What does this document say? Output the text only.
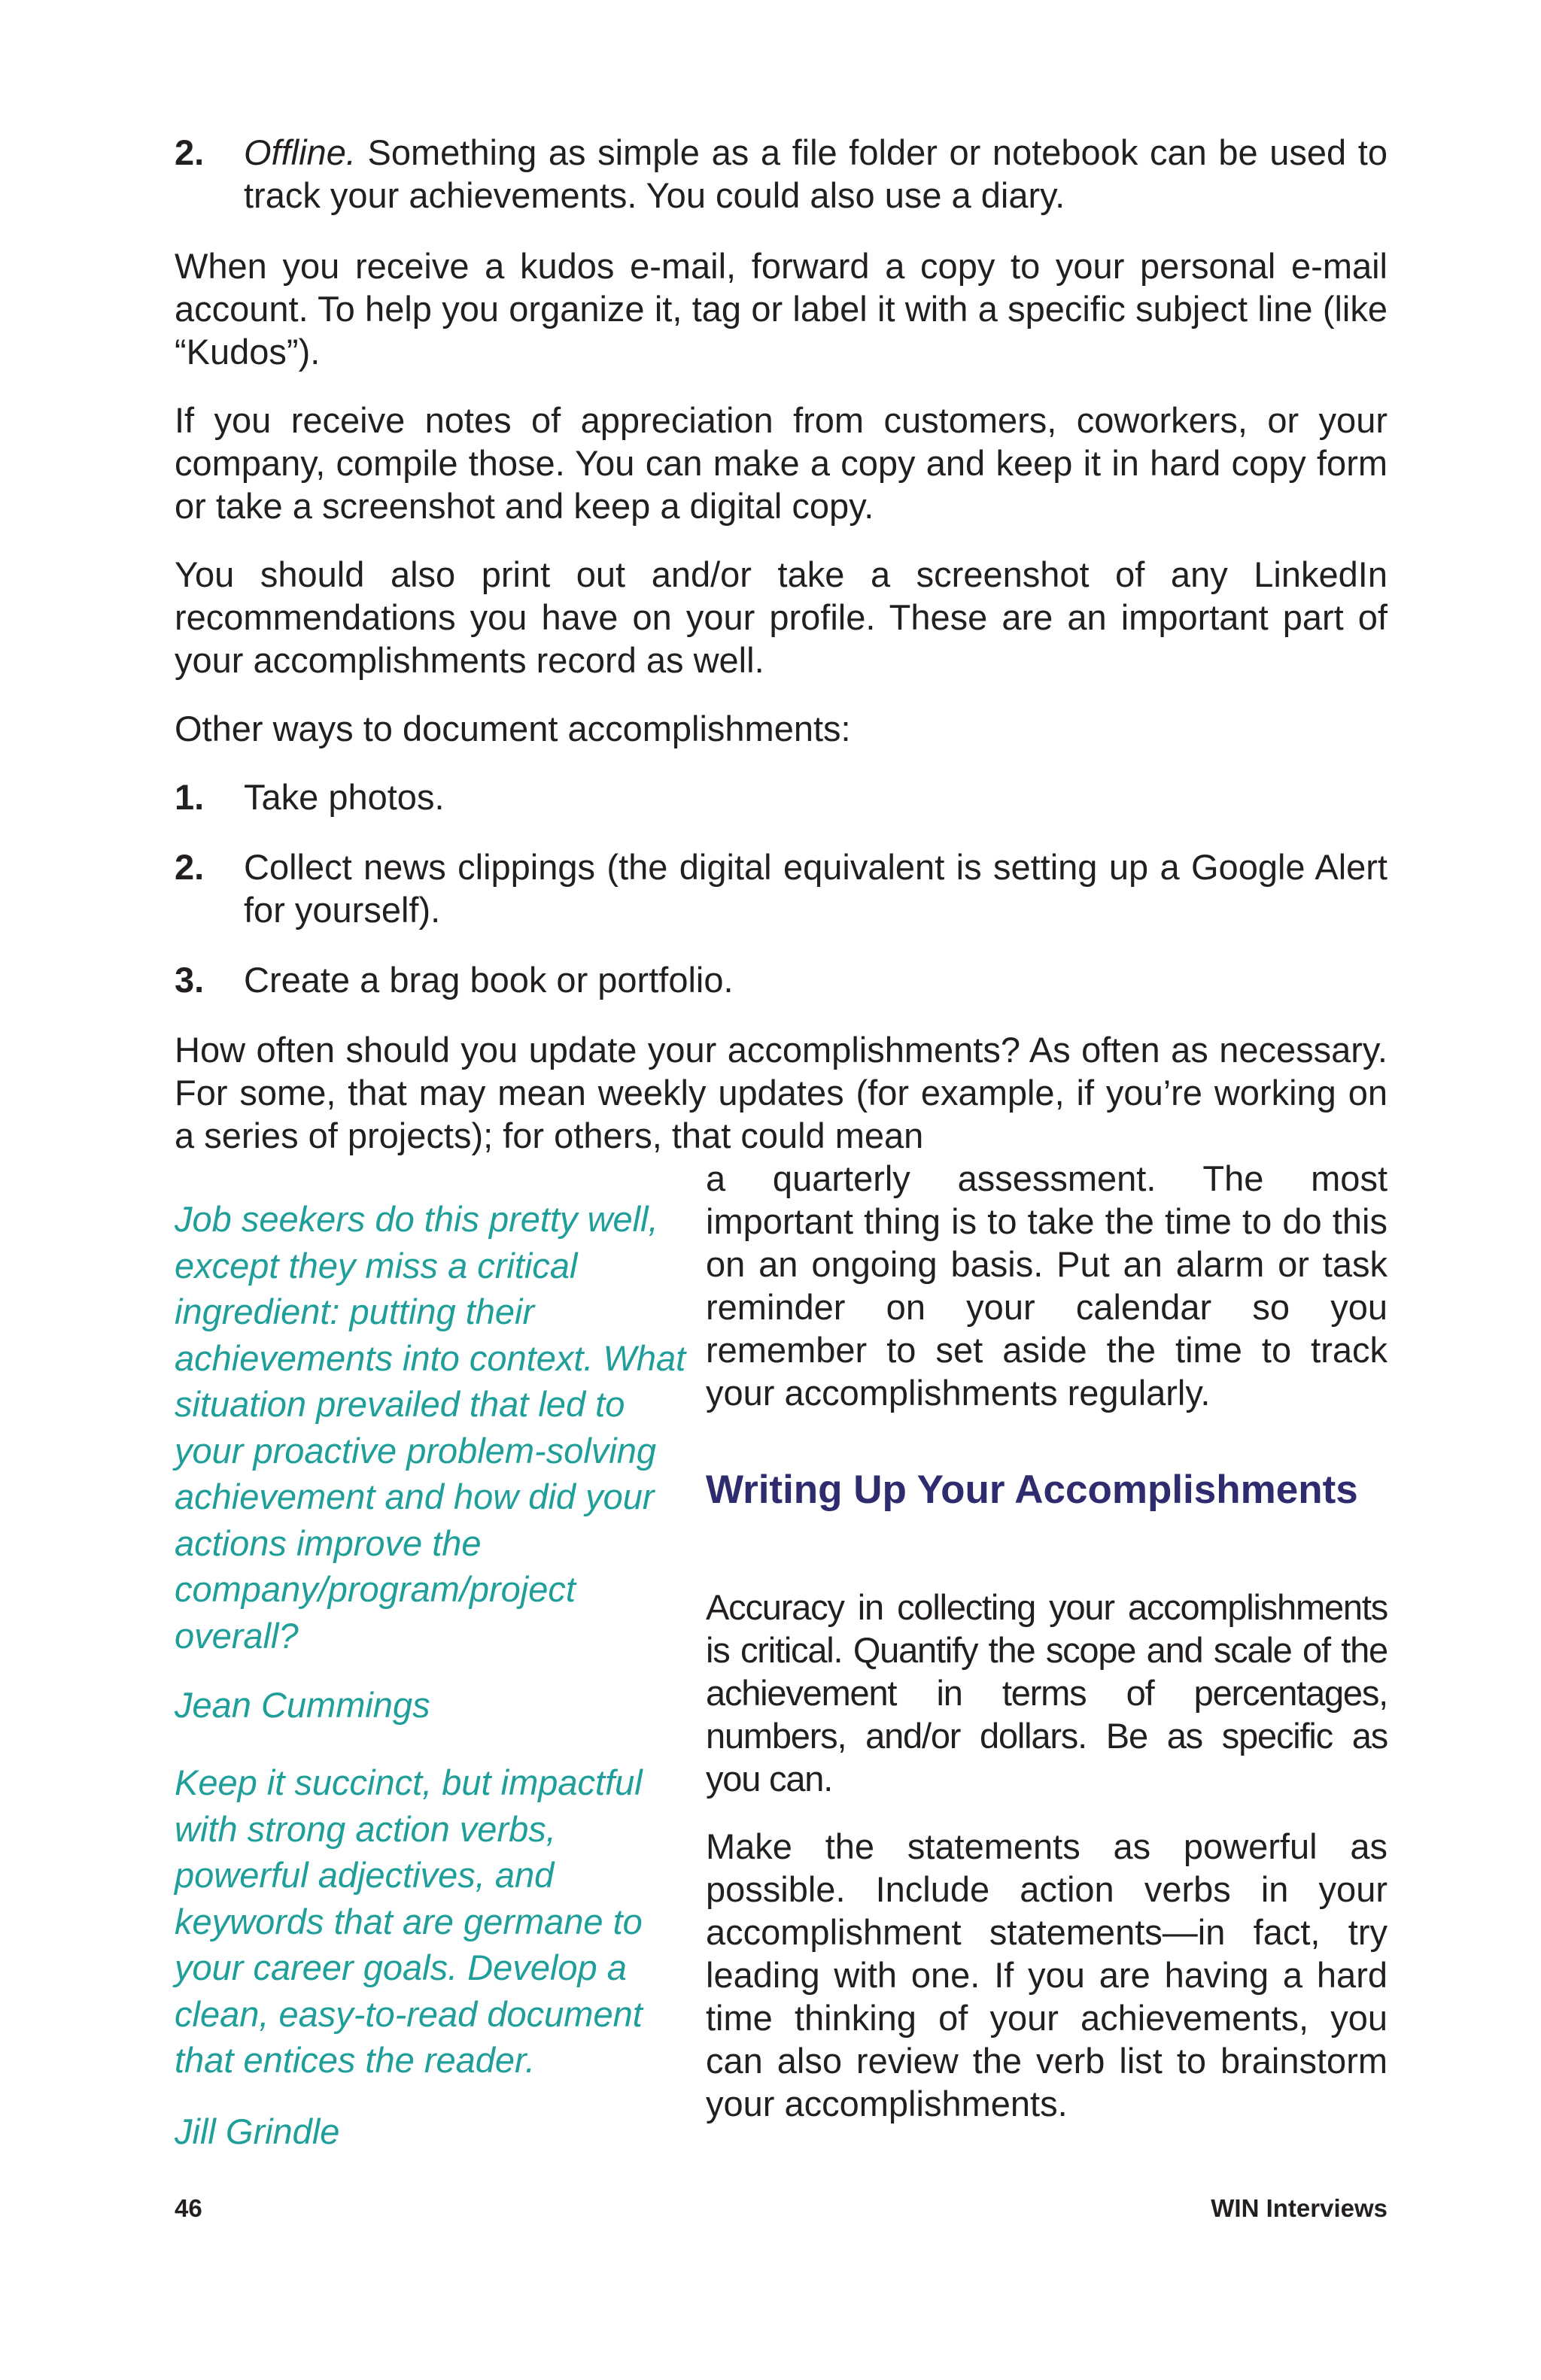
2. Offline. Something as simple as a file folder or notebook can be used to track your achievements. You could also use a diary.

When you receive a kudos e-mail, forward a copy to your personal e-mail account. To help you organize it, tag or label it with a specific subject line (like “Kudos”).

If you receive notes of appreciation from customers, coworkers, or your company, compile those. You can make a copy and keep it in hard copy form or take a screenshot and keep a digital copy.

You should also print out and/or take a screenshot of any LinkedIn recommendations you have on your profile. These are an important part of your accomplishments record as well.

Other ways to document accomplishments:

1. Take photos.
2. Collect news clippings (the digital equivalent is setting up a Google Alert for yourself).
3. Create a brag book or portfolio.

How often should you update your accomplishments? As often as necessary. For some, that may mean weekly updates (for example, if you’re working on a series of projects); for others, that could mean

a quarterly assessment. The most important thing is to take the time to do this on an ongoing basis. Put an alarm or task reminder on your calendar so you remember to set aside the time to track your accomplishments regularly.

Job seekers do this pretty well, except they miss a critical ingredient: putting their achievements into context. What situation prevailed that led to your proactive problem-solving achievement and how did your actions improve the company/program/project overall?

Jean Cummings

Keep it succinct, but impactful with strong action verbs, powerful adjectives, and keywords that are germane to your career goals. Develop a clean, easy-to-read document that entices the reader.

Jill Grindle

Writing Up Your Accomplishments

Accuracy in collecting your accomplishments is critical. Quantify the scope and scale of the achievement in terms of percentages, numbers, and/or dollars. Be as specific as you can.

Make the statements as powerful as possible. Include action verbs in your accomplishment statements—in fact, try leading with one. If you are having a hard time thinking of your achievements, you can also review the verb list to brainstorm your accomplishments.

46	WIN Interviews
